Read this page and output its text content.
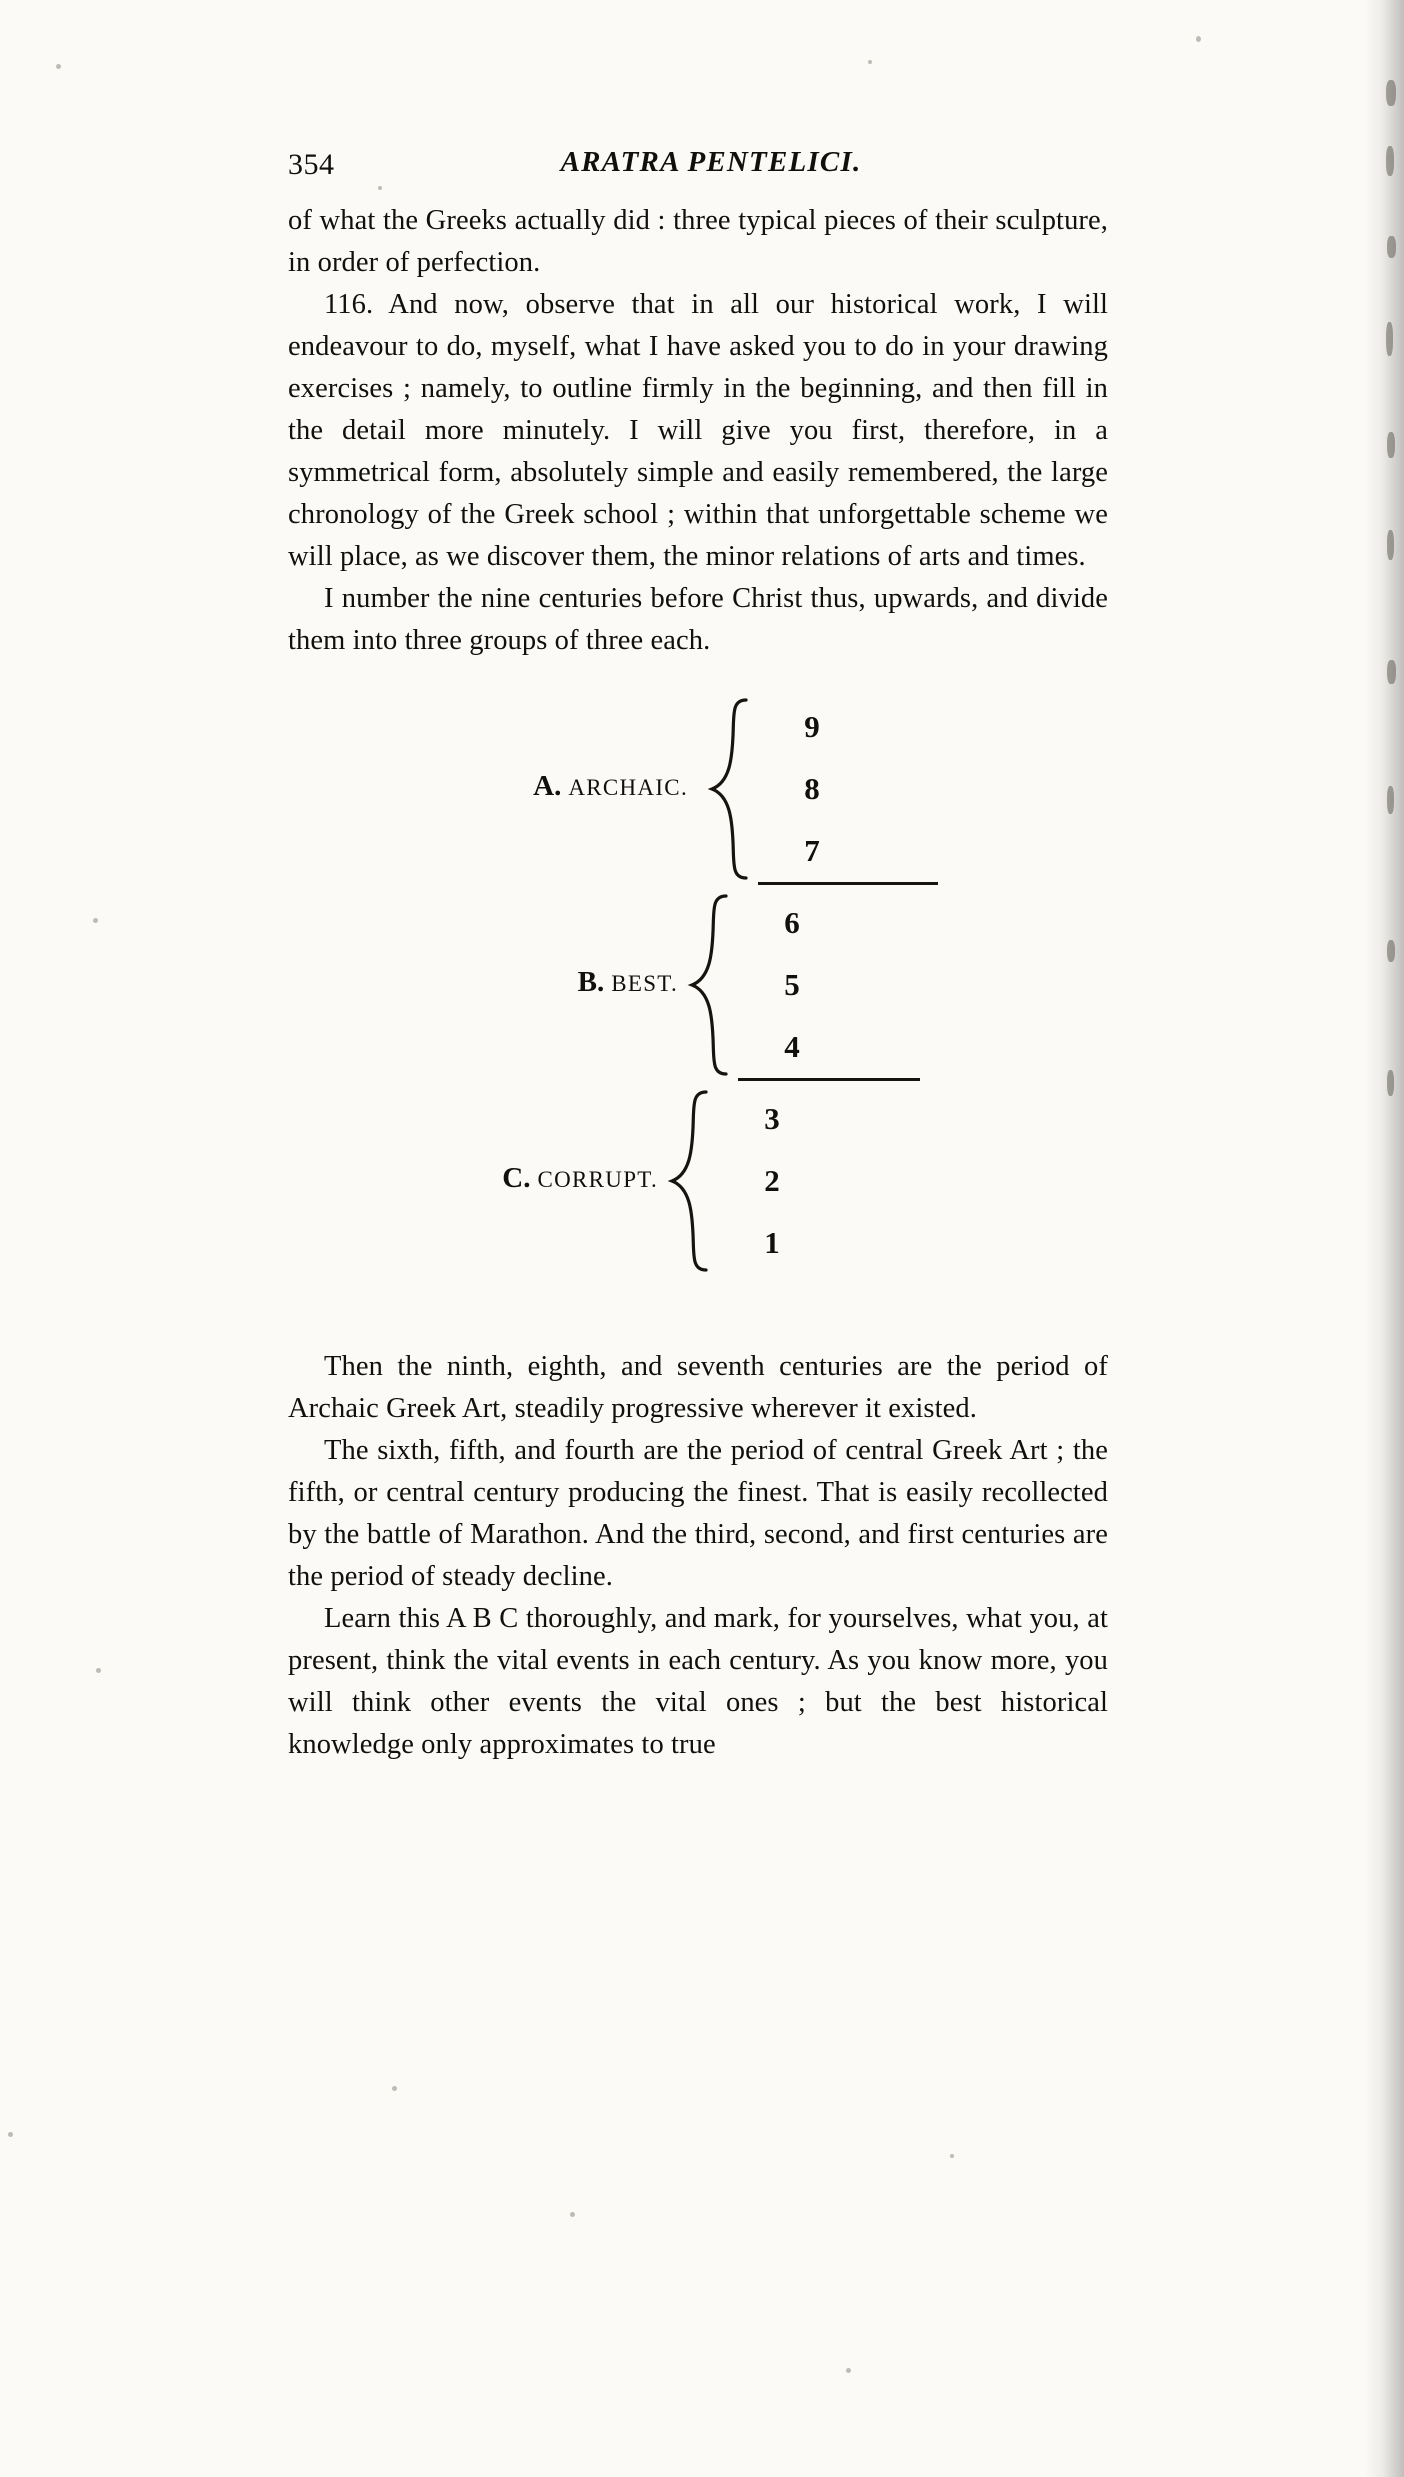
354	ARATRA PENTELICI.

of what the Greeks actually did : three typical pieces of their sculpture, in order of perfection.

116. And now, observe that in all our historical work, I will endeavour to do, myself, what I have asked you to do in your drawing exercises ; namely, to outline firmly in the beginning, and then fill in the detail more minutely. I will give you first, therefore, in a symmetrical form, absolutely simple and easily remembered, the large chronology of the Greek school ; within that unforgettable scheme we will place, as we discover them, the minor relations of arts and times.

I number the nine centuries before Christ thus, upwards, and divide them into three groups of three each.

A. ARCHAIC.
9
8
7
B. BEST.
6
5
4
C. CORRUPT.
3
2
1

Then the ninth, eighth, and seventh centuries are the period of Archaic Greek Art, steadily progressive wherever it existed.

The sixth, fifth, and fourth are the period of central Greek Art ; the fifth, or central century producing the finest. That is easily recollected by the battle of Marathon. And the third, second, and first centuries are the period of steady decline.

Learn this A B C thoroughly, and mark, for yourselves, what you, at present, think the vital events in each century. As you know more, you will think other events the vital ones ; but the best historical knowledge only approximates to true
